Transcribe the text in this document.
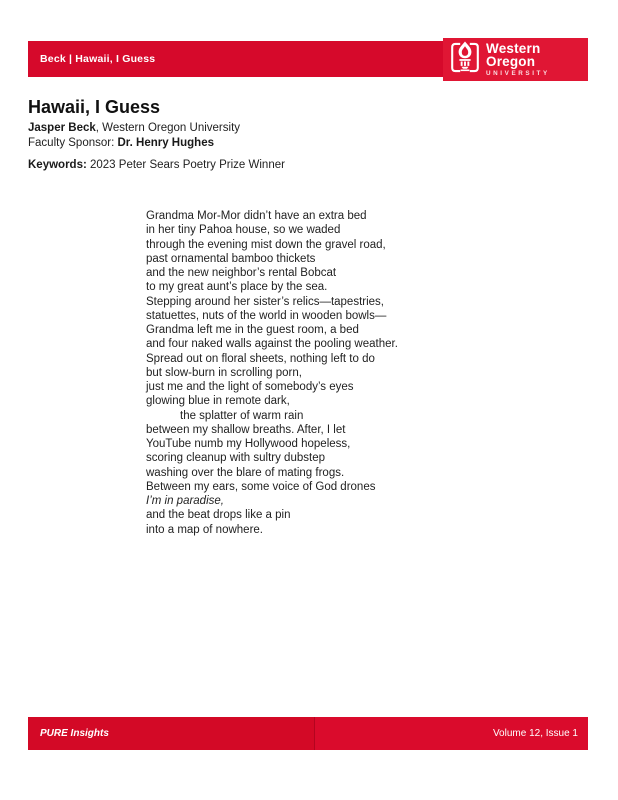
Beck | Hawaii, I Guess
Western Oregon
UNIVERSITY
Hawaii, I Guess
Jasper Beck, Western Oregon University
Faculty Sponsor: Dr. Henry Hughes
Keywords: 2023 Peter Sears Poetry Prize Winner
Grandma Mor-Mor didn’t have an extra bed
in her tiny Pahoa house, so we waded
through the evening mist down the gravel road,
past ornamental bamboo thickets
and the new neighbor’s rental Bobcat
to my great aunt’s place by the sea.
Stepping around her sister’s relics—tapestries,
statuettes, nuts of the world in wooden bowls—
Grandma left me in the guest room, a bed
and four naked walls against the pooling weather.
Spread out on floral sheets, nothing left to do
but slow-burn in scrolling porn,
just me and the light of somebody’s eyes
glowing blue in remote dark,
the splatter of warm rain
between my shallow breaths. After, I let
YouTube numb my Hollywood hopeless,
scoring cleanup with sultry dubstep
washing over the blare of mating frogs.
Between my ears, some voice of God drones
I’m in paradise,
and the beat drops like a pin
into a map of nowhere.
PURE Insights	Volume 12, Issue 1
